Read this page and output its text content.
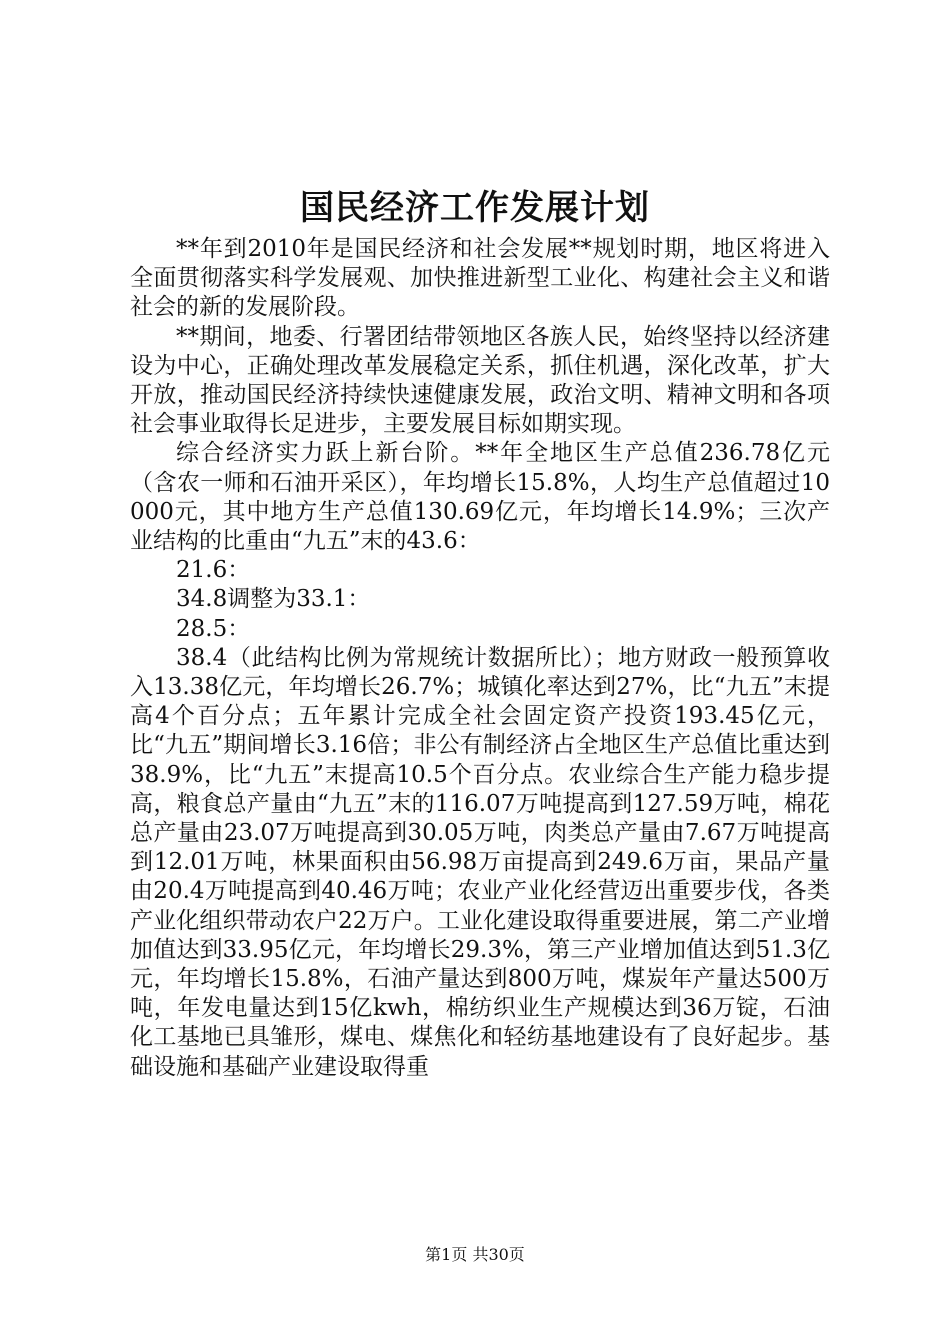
国民经济工作发展计划

**年到2010年是国民经济和社会发展**规划时期，地区将进入全面贯彻落实科学发展观、加快推进新型工业化、构建社会主义和谐社会的新的发展阶段。

**期间，地委、行署团结带领地区各族人民，始终坚持以经济建设为中心，正确处理改革发展稳定关系，抓住机遇，深化改革，扩大开放，推动国民经济持续快速健康发展，政治文明、精神文明和各项社会事业取得长足进步，主要发展目标如期实现。

综合经济实力跃上新台阶。**年全地区生产总值236.78亿元（含农一师和石油开采区），年均增长15.8%，人均生产总值超过10000元，其中地方生产总值130.69亿元，年均增长14.9%；三次产业结构的比重由“九五”末的43.6：

21.6：

34.8调整为33.1：

28.5：

38.4（此结构比例为常规统计数据所比）；地方财政一般预算收入13.38亿元，年均增长26.7%；城镇化率达到27%，比“九五”末提高4个百分点；五年累计完成全社会固定资产投资193.45亿元，比“九五”期间增长3.16倍；非公有制经济占全地区生产总值比重达到38.9%，比“九五”末提高10.5个百分点。农业综合生产能力稳步提高，粮食总产量由“九五”末的116.07万吨提高到127.59万吨，棉花总产量由23.07万吨提高到30.05万吨，肉类总产量由7.67万吨提高到12.01万吨，林果面积由56.98万亩提高到249.6万亩，果品产量由20.4万吨提高到40.46万吨；农业产业化经营迈出重要步伐，各类产业化组织带动农户22万户。工业化建设取得重要进展，第二产业增加值达到33.95亿元，年均增长29.3%，第三产业增加值达到51.3亿元，年均增长15.8%，石油产量达到800万吨，煤炭年产量达500万吨，年发电量达到15亿kwh，棉纺织业生产规模达到36万锭，石油化工基地已具雏形，煤电、煤焦化和轻纺基地建设有了良好起步。基础设施和基础产业建设取得重

第1页 共30页
